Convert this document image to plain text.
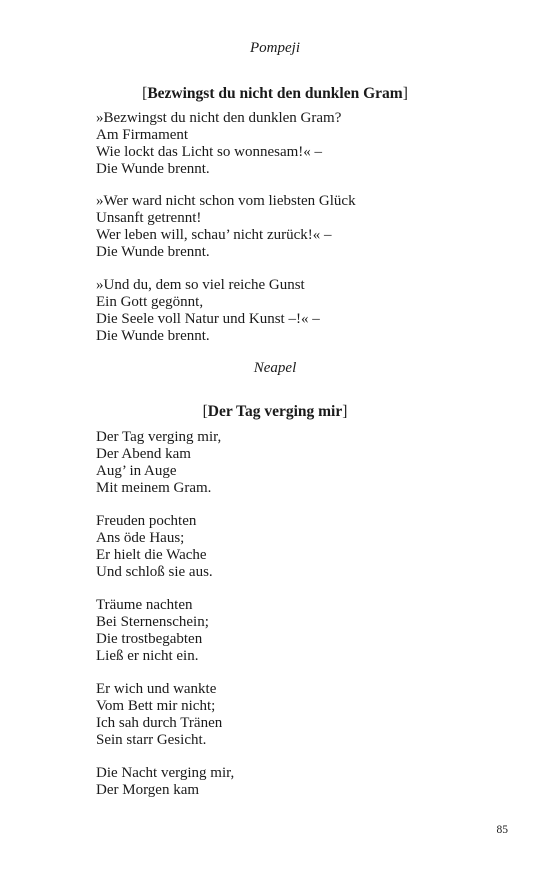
Pompeji
[Bezwingst du nicht den dunklen Gram]
»Bezwingst du nicht den dunklen Gram?
Am Firmament
Wie lockt das Licht so wonnesam!« –
Die Wunde brennt.
»Wer ward nicht schon vom liebsten Glück
Unsanft getrennt!
Wer leben will, schau’ nicht zurück!« –
Die Wunde brennt.
»Und du, dem so viel reiche Gunst
Ein Gott gegönnt,
Die Seele voll Natur und Kunst –!« –
Die Wunde brennt.
Neapel
[Der Tag verging mir]
Der Tag verging mir,
Der Abend kam
Aug’ in Auge
Mit meinem Gram.
Freuden pochten
Ans öde Haus;
Er hielt die Wache
Und schloß sie aus.
Träume nachten
Bei Sternenschein;
Die trostbegabten
Ließ er nicht ein.
Er wich und wankte
Vom Bett mir nicht;
Ich sah durch Tränen
Sein starr Gesicht.
Die Nacht verging mir,
Der Morgen kam
85
